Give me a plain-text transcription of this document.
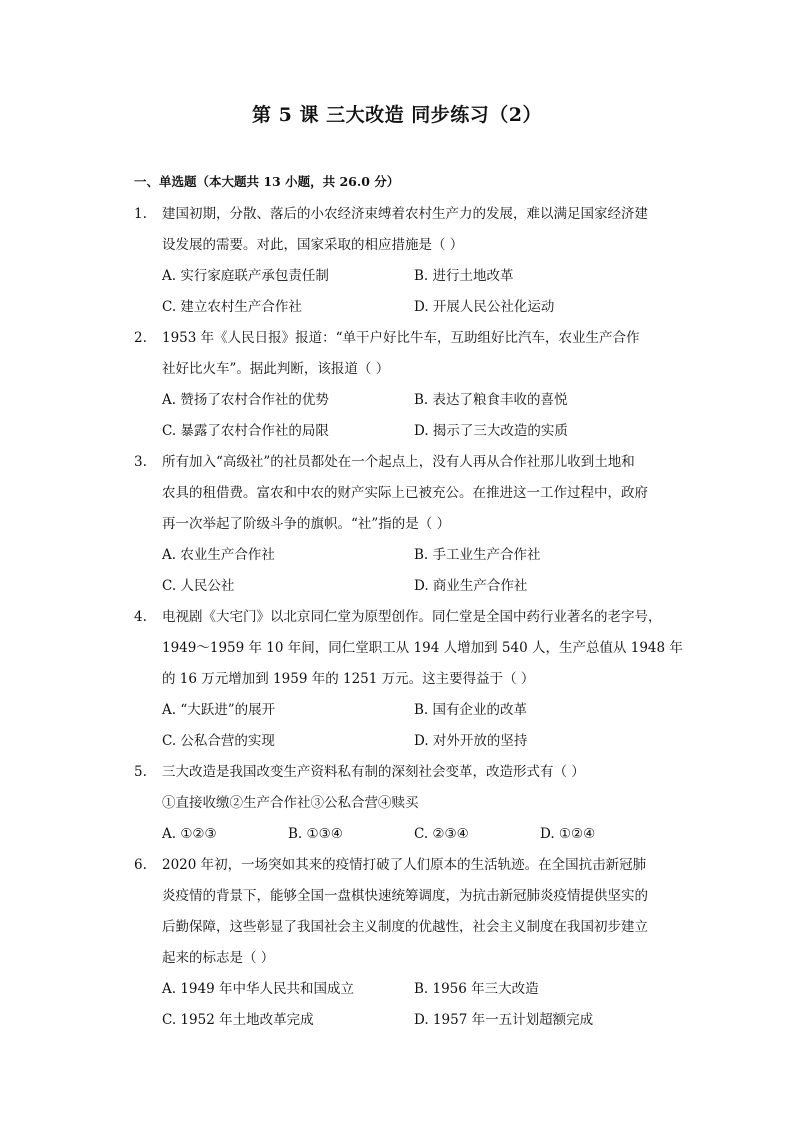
第 5 课 三大改造 同步练习（2）
一、单选题（本大题共 13 小题，共 26.0 分）
1.	建国初期，分散、落后的小农经济束缚着农村生产力的发展，难以满足国家经济建
设发展的需要。对此，国家采取的相应措施是（ ）
A. 实行家庭联产承包责任制	B. 进行土地改革
C. 建立农村生产合作社	D. 开展人民公社化运动
2.	1953 年《人民日报》报道：“单干户好比牛车，互助组好比汽车，农业生产合作
社好比火车”。据此判断，该报道（ ）
A. 赞扬了农村合作社的优势	B. 表达了粮食丰收的喜悦
C. 暴露了农村合作社的局限	D. 揭示了三大改造的实质
3.	所有加入“高级社”的社员都处在一个起点上，没有人再从合作社那儿收到土地和
农具的租借费。富农和中农的财产实际上已被充公。在推进这一工作过程中，政府
再一次举起了阶级斗争的旗帜。“社”指的是（ ）
A. 农业生产合作社	B. 手工业生产合作社
C. 人民公社	D. 商业生产合作社
4.	电视剧《大宅门》以北京同仁堂为原型创作。同仁堂是全国中药行业著名的老字号，
1949～1959 年 10 年间，同仁堂职工从 194 人增加到 540 人，生产总值从 1948 年
的 16 万元增加到 1959 年的 1251 万元。这主要得益于（ ）
A. “大跃进”的展开	B. 国有企业的改革
C. 公私合营的实现	D. 对外开放的坚持
5.	三大改造是我国改变生产资料私有制的深刻社会变革，改造形式有（ ）
①直接收缴②生产合作社③公私合营④赎买
A. ①②③	B. ①③④	C. ②③④	D. ①②④
6.	2020 年初，一场突如其来的疫情打破了人们原本的生活轨迹。在全国抗击新冠肺
炎疫情的背景下，能够全国一盘棋快速统筹调度，为抗击新冠肺炎疫情提供坚实的
后勤保障，这些彰显了我国社会主义制度的优越性，社会主义制度在我国初步建立
起来的标志是（ ）
A. 1949 年中华人民共和国成立	B. 1956 年三大改造
C. 1952 年土地改革完成	D. 1957 年一五计划超额完成
